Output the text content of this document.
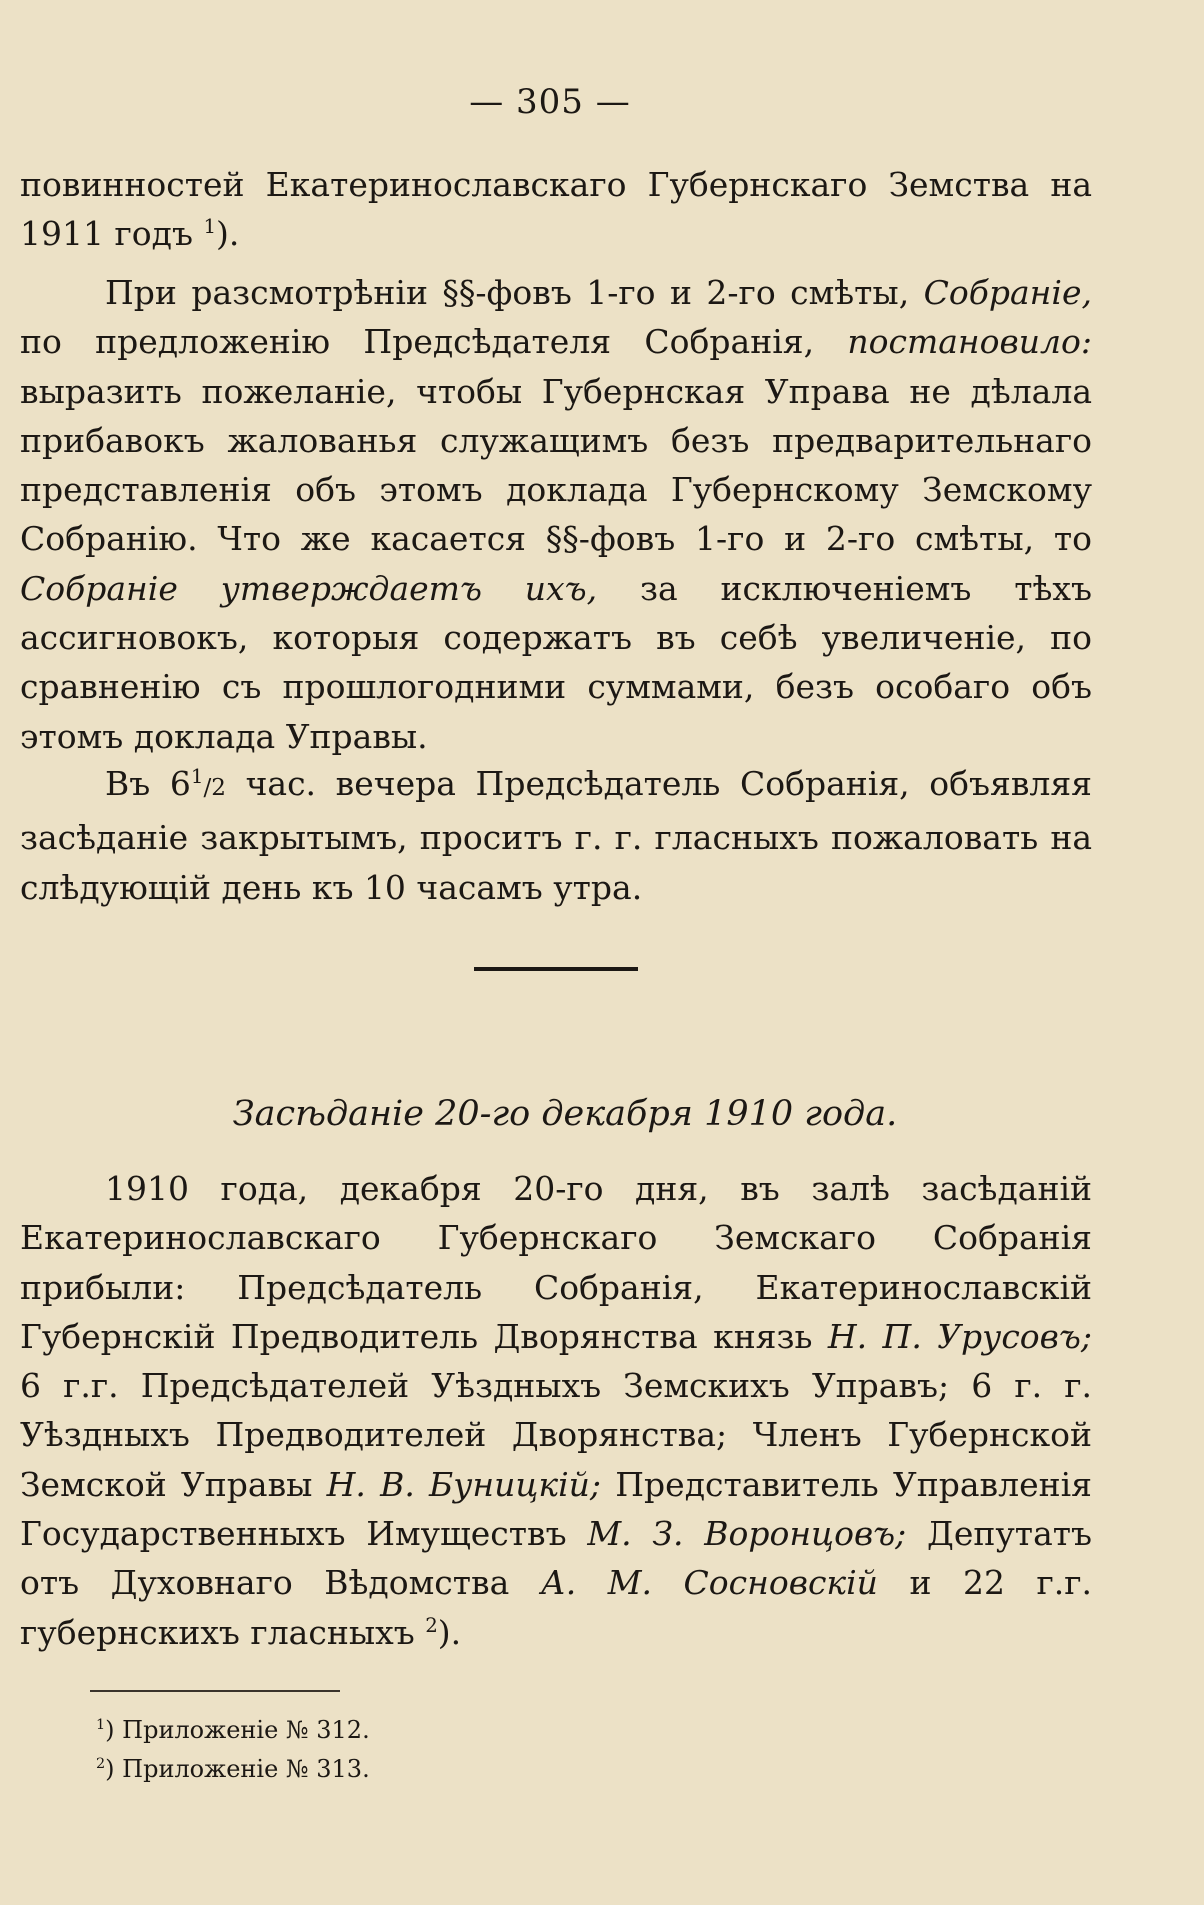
— 305 —
повинностей Екатеринославскаго Губернскаго Земства на 1911 годъ $^1$).
При разсмотрѣніи §§-фовъ 1-го и 2-го смѣты, Собраніе, по предложенію Предсѣдателя Собранія, постановило: выразить пожеланіе, чтобы Губернская Управа не дѣлала прибавокъ жалованья служащимъ безъ предварительнаго представленія объ этомъ доклада Губернскому Земскому Собранію. Что же касается §§-фовъ 1-го и 2-го смѣты, то Собраніе утверждаетъ ихъ, за исключеніемъ тѣхъ ассигновокъ, которыя содержатъ въ себѣ увеличеніе, по сравненію съ прошлогодними суммами, безъ особаго объ этомъ доклада Управы.
Въ $6^1/2$ час. вечера Предсѣдатель Собранія, объявляя засѣданіе закрытымъ, проситъ г. г. гласныхъ пожаловать на слѣдующій день къ 10 часамъ утра.
Засѣданіе 20-го декабря 1910 года.
1910 года, декабря 20-го дня, въ залѣ засѣданій Екатеринославскаго Губернскаго Земскаго Собранія прибыли: Предсѣдатель Собранія, Екатеринославскій Губернскій Предводитель Дворянства князь Н. П. Урусовъ; 6 г.г. Предсѣдателей Уѣздныхъ Земскихъ Управъ; 6 г. г. Уѣздныхъ Предводителей Дворянства; Членъ Губернской Земской Управы Н. В. Буницкій; Представитель Управленія Государственныхъ Имуществъ М. З. Воронцовъ; Депутатъ отъ Духовнаго Вѣдомства А. М. Сосновскій и 22 г.г. губернскихъ гласныхъ $^2$).
$^1$) Приложеніе № 312.
$^2$) Приложеніе № 313.
